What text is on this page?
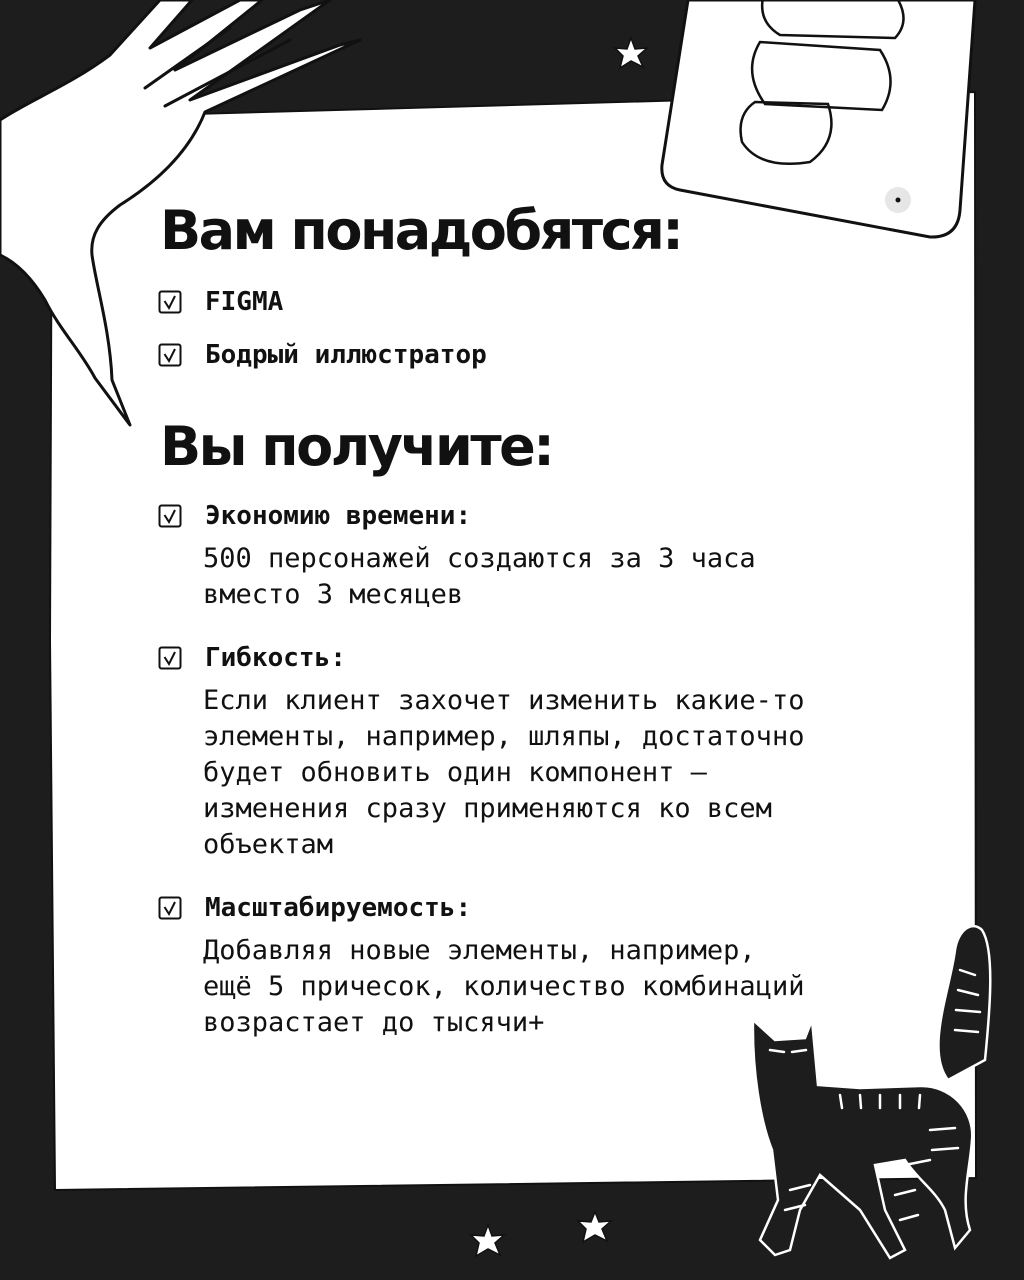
Вам понадобятся:
FIGMA
Бодрый иллюстратор
Вы получите:
Экономию времени:

500 персонажей создаются за 3 часа
вместо 3 месяцев

Гибкость:

Если клиент захочет изменить какие-то
элементы, например, шляпы, достаточно
будет обновить один компонент —
изменения сразу применяются ко всем
объектам

Масштабируемость:

Добавляя новые элементы, например,
ещё 5 причесок, количество комбинаций
возрастает до тысячи+
